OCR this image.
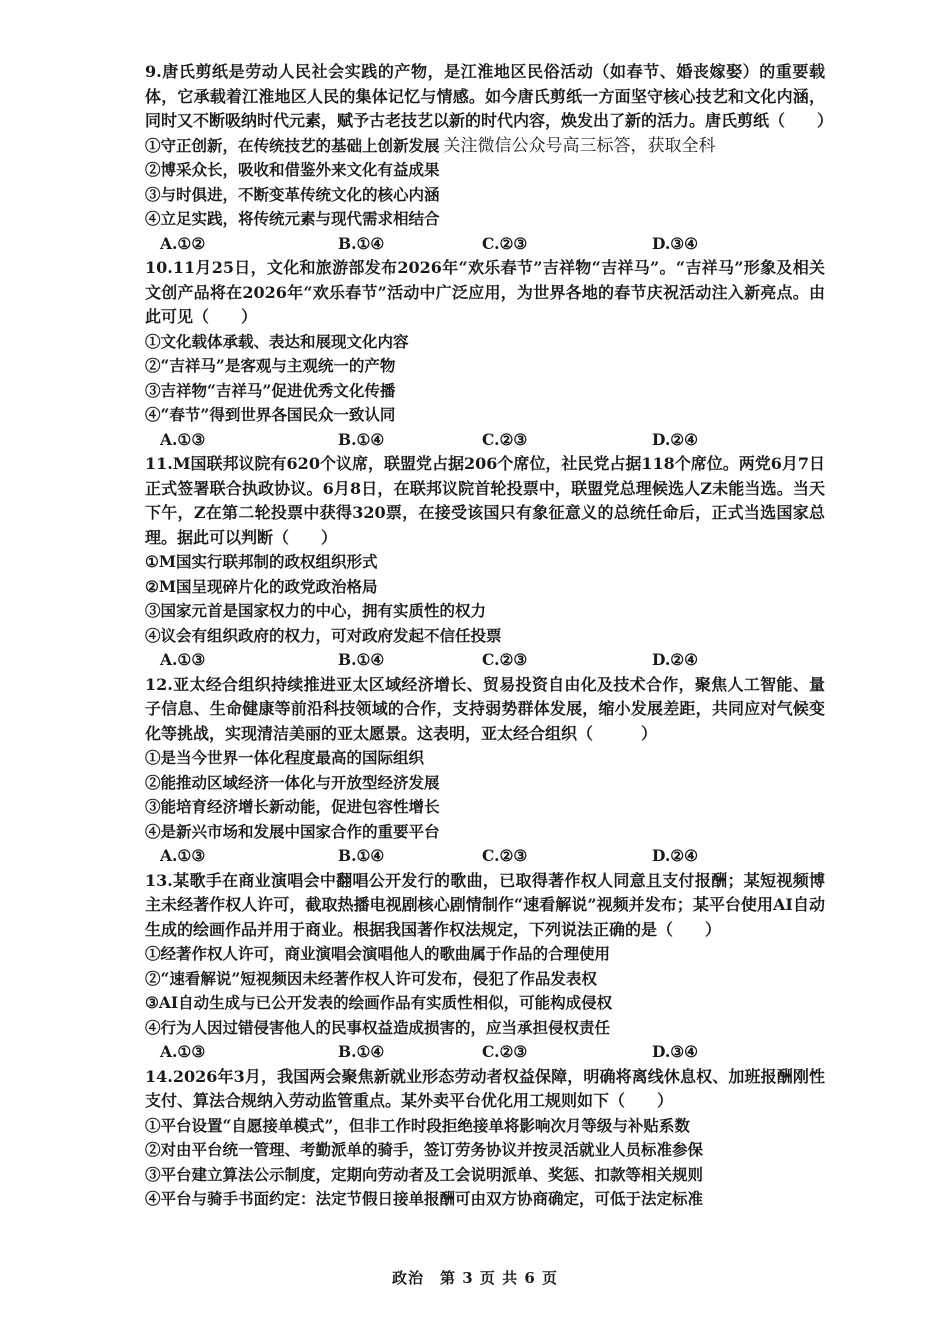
9.唐氏剪纸是劳动人民社会实践的产物，是江淮地区民俗活动（如春节、婚丧嫁娶）的重要载体，它承载着江淮地区人民的集体记忆与情感。如今唐氏剪纸一方面坚守核心技艺和文化内涵，同时又不断吸纳时代元素，赋予古老技艺以新的时代内容，焕发出了新的活力。唐氏剪纸（　　）

①守正创新，在传统技艺的基础上创新发展 关注微信公众号高三标答，获取全科
②博采众长，吸收和借鉴外来文化有益成果
③与时俱进，不断变革传统文化的核心内涵
④立足实践，将传统元素与现代需求相结合
A.①②	B.①④	C.②③	D.③④

10.11月25日，文化和旅游部发布2026年“欢乐春节”吉祥物“吉祥马”。“吉祥马”形象及相关文创产品将在2026年“欢乐春节”活动中广泛应用，为世界各地的春节庆祝活动注入新亮点。由此可见（　　）

①文化载体承载、表达和展现文化内容
②“吉祥马”是客观与主观统一的产物
③吉祥物“吉祥马”促进优秀文化传播
④“春节”得到世界各国民众一致认同
A.①③	B.①④	C.②③	D.②④

11.M国联邦议院有620个议席，联盟党占据206个席位，社民党占据118个席位。两党6月7日正式签署联合执政协议。6月8日，在联邦议院首轮投票中，联盟党总理候选人Z未能当选。当天下午，Z在第二轮投票中获得320票，在接受该国只有象征意义的总统任命后，正式当选国家总理。据此可以判断（　　）

①M国实行联邦制的政权组织形式
②M国呈现碎片化的政党政治格局
③国家元首是国家权力的中心，拥有实质性的权力
④议会有组织政府的权力，可对政府发起不信任投票
A.①③	B.①④	C.②③	D.②④

12.亚太经合组织持续推进亚太区域经济增长、贸易投资自由化及技术合作，聚焦人工智能、量子信息、生命健康等前沿科技领域的合作，支持弱势群体发展，缩小发展差距，共同应对气候变化等挑战，实现清洁美丽的亚太愿景。这表明，亚太经合组织（　　　）

①是当今世界一体化程度最高的国际组织
②能推动区域经济一体化与开放型经济发展
③能培育经济增长新动能，促进包容性增长
④是新兴市场和发展中国家合作的重要平台
A.①③	B.①④	C.②③	D.②④

13.某歌手在商业演唱会中翻唱公开发行的歌曲，已取得著作权人同意且支付报酬；某短视频博主未经著作权人许可，截取热播电视剧核心剧情制作“速看解说”视频并发布；某平台使用AI自动生成的绘画作品并用于商业。根据我国著作权法规定，下列说法正确的是（　　）

①经著作权人许可，商业演唱会演唱他人的歌曲属于作品的合理使用
②“速看解说”短视频因未经著作权人许可发布，侵犯了作品发表权
③AI自动生成与已公开发表的绘画作品有实质性相似，可能构成侵权
④行为人因过错侵害他人的民事权益造成损害的，应当承担侵权责任
A.①③	B.①④	C.②③	D.③④

14.2026年3月，我国两会聚焦新就业形态劳动者权益保障，明确将离线休息权、加班报酬刚性支付、算法合规纳入劳动监管重点。某外卖平台优化用工规则如下（　　）

①平台设置“自愿接单模式”，但非工作时段拒绝接单将影响次月等级与补贴系数
②对由平台统一管理、考勤派单的骑手，签订劳务协议并按灵活就业人员标准参保
③平台建立算法公示制度，定期向劳动者及工会说明派单、奖惩、扣款等相关规则
④平台与骑手书面约定：法定节假日接单报酬可由双方协商确定，可低于法定标准
政治　第 3 页 共 6 页
